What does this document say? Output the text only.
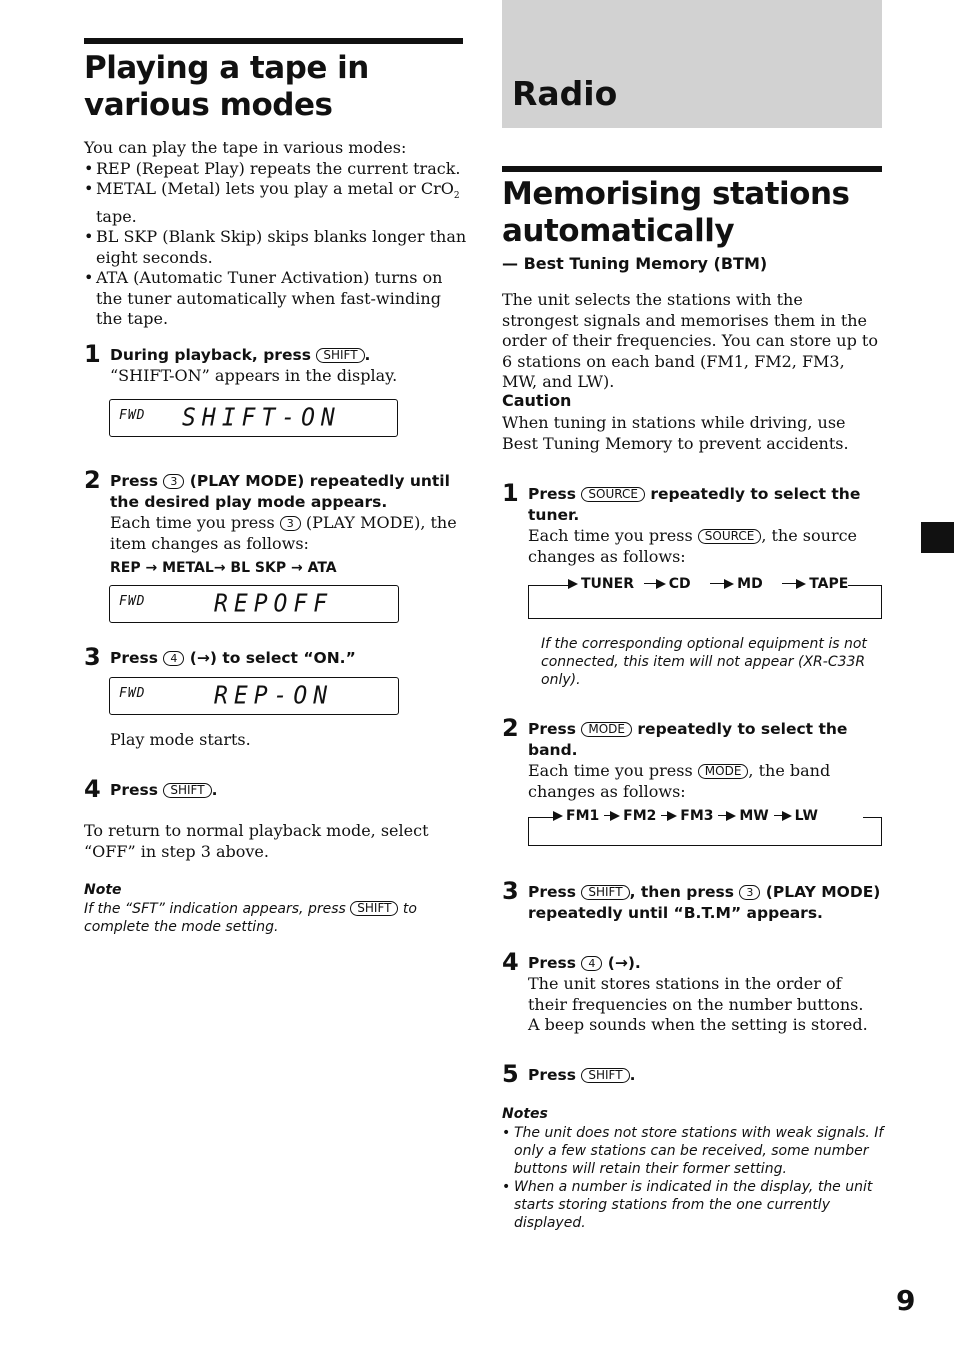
Playing a tape in various modes
You can play the tape in various modes:
• REP (Repeat Play) repeats the current track.
• METAL (Metal) lets you play a metal or CrO$_2$ tape.
• BL SKP (Blank Skip) skips blanks longer than eight seconds.
• ATA (Automatic Tuner Activation) turns on the tuner automatically when fast-winding the tape.
1 During playback, press SHIFT .
“SHIFT-ON” appears in the display.
FWD SHIFT-ON
2 Press 3 (PLAY MODE) repeatedly until the desired play mode appears.
Each time you press 3 (PLAY MODE), the item changes as follows:
REP → METAL→ BL SKP → ATA
FWD	REPOFF
3 Press 4 (→) to select “ON.”
FWD	REP-ON
Play mode starts.
4 Press SHIFT .
To return to normal playback mode, select “OFF” in step 3 above.
Note
If the “SFT” indication appears, press SHIFT to complete the mode setting.
Radio
Memorising stations automatically
— Best Tuning Memory (BTM)
The unit selects the stations with the strongest signals and memorises them in the order of their frequencies. You can store up to 6 stations on each band (FM1, FM2, FM3, MW, and LW).
Caution
When tuning in stations while driving, use Best Tuning Memory to prevent accidents.
1 Press SOURCE repeatedly to select the tuner.
Each time you press SOURCE , the source changes as follows:
TUNER CD	MD	TAPE
If the corresponding optional equipment is not connected, this item will not appear (XR-C33R only).
2 Press MODE repeatedly to select the band.
Each time you press MODE , the band changes as follows:
FM1 FM2 FM3 MW LW
3 Press SHIFT , then press 3 (PLAY MODE) repeatedly until “B.T.M” appears.
4 Press 4 (→).
The unit stores stations in the order of their frequencies on the number buttons.
A beep sounds when the setting is stored.
5 Press SHIFT .
Notes
• The unit does not store stations with weak signals. If only a few stations can be received, some number buttons will retain their former setting.
• When a number is indicated in the display, the unit starts storing stations from the one currently displayed.
9
